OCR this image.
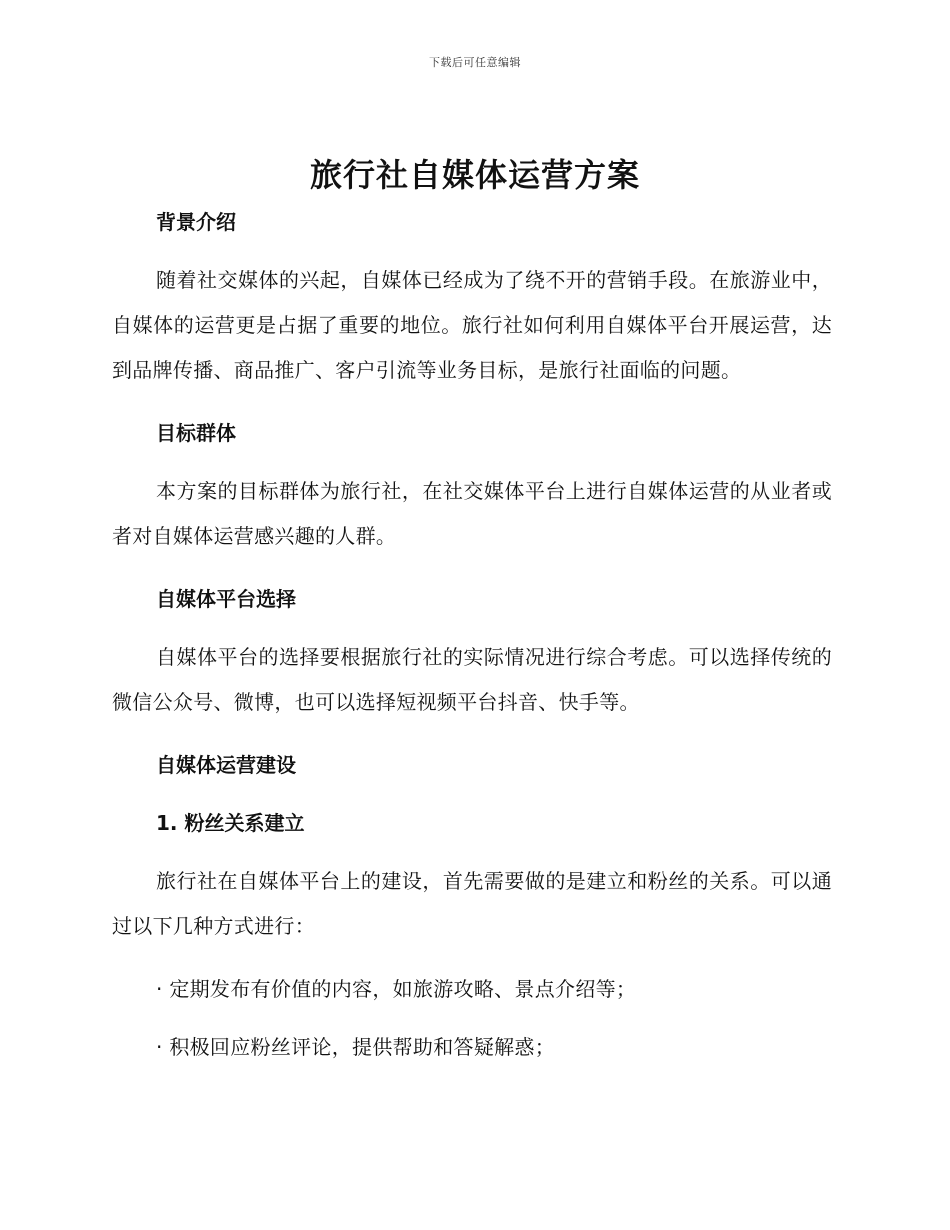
下载后可任意编辑
旅行社自媒体运营方案
背景介绍

随着社交媒体的兴起，自媒体已经成为了绕不开的营销手段。在旅游业中，自媒体的运营更是占据了重要的地位。旅行社如何利用自媒体平台开展运营，达到品牌传播、商品推广、客户引流等业务目标，是旅行社面临的问题。

目标群体

本方案的目标群体为旅行社，在社交媒体平台上进行自媒体运营的从业者或者对自媒体运营感兴趣的人群。

自媒体平台选择

自媒体平台的选择要根据旅行社的实际情况进行综合考虑。可以选择传统的微信公众号、微博，也可以选择短视频平台抖音、快手等。

自媒体运营建设
1. 粉丝关系建立

旅行社在自媒体平台上的建设，首先需要做的是建立和粉丝的关系。可以通过以下几种方式进行：

· 定期发布有价值的内容，如旅游攻略、景点介绍等；

· 积极回应粉丝评论，提供帮助和答疑解惑；
